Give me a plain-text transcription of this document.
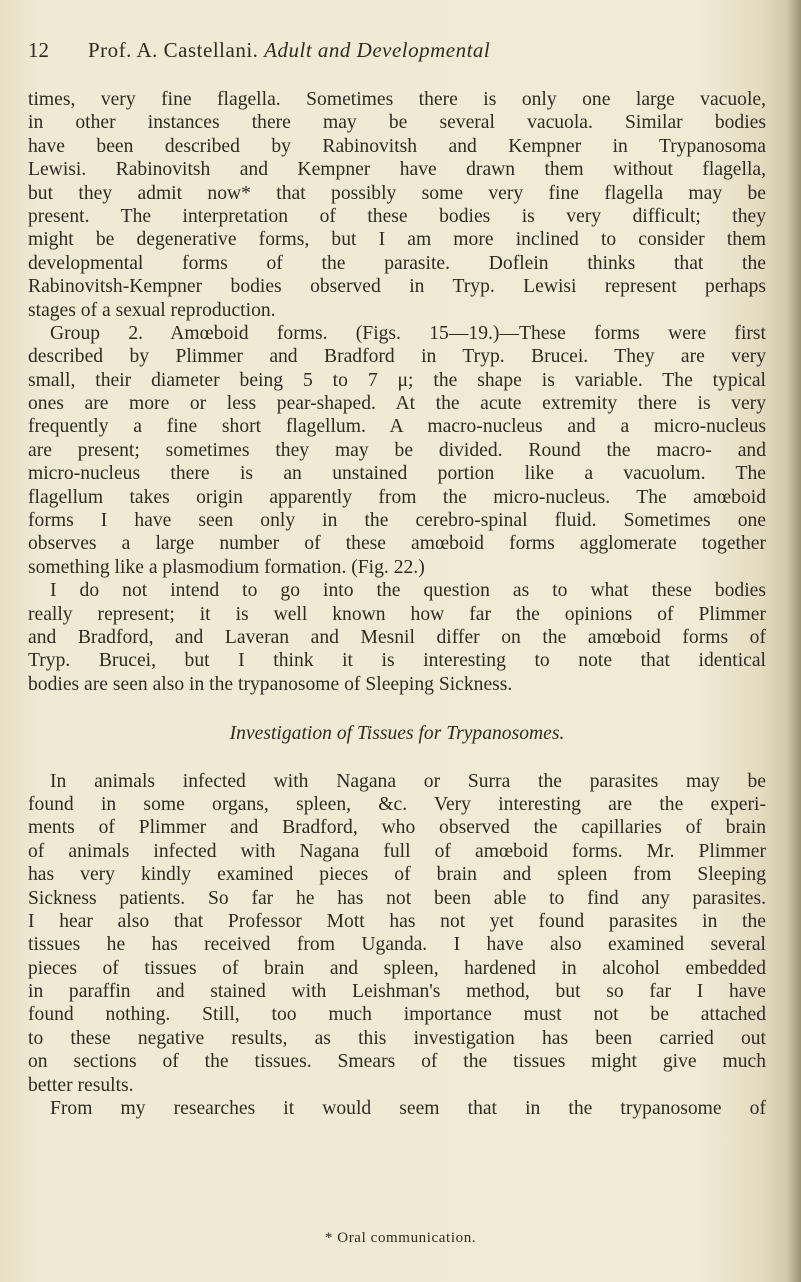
12 Prof. A. Castellani. Adult and Developmental
times, very fine flagella. Sometimes there is only one large vacuole,
in other instances there may be several vacuola. Similar bodies
have been described by Rabinovitsh and Kempner in Trypanosoma
Lewisi. Rabinovitsh and Kempner have drawn them without flagella,
but they admit now* that possibly some very fine flagella may be
present. The interpretation of these bodies is very difficult; they
might be degenerative forms, but I am more inclined to consider them
developmental forms of the parasite. Doflein thinks that the
Rabinovitsh-Kempner bodies observed in Tryp. Lewisi represent perhaps
stages of a sexual reproduction.
Group 2. Amœboid forms. (Figs. 15—19.)—These forms were first
described by Plimmer and Bradford in Tryp. Brucei. They are very
small, their diameter being 5 to 7 μ; the shape is variable. The typical
ones are more or less pear-shaped. At the acute extremity there is very
frequently a fine short flagellum. A macro-nucleus and a micro-nucleus
are present; sometimes they may be divided. Round the macro- and
micro-nucleus there is an unstained portion like a vacuolum. The
flagellum takes origin apparently from the micro-nucleus. The amœboid
forms I have seen only in the cerebro-spinal fluid. Sometimes one
observes a large number of these amœboid forms agglomerate together
something like a plasmodium formation. (Fig. 22.)
I do not intend to go into the question as to what these bodies
really represent; it is well known how far the opinions of Plimmer
and Bradford, and Laveran and Mesnil differ on the amœboid forms of
Tryp. Brucei, but I think it is interesting to note that identical
bodies are seen also in the trypanosome of Sleeping Sickness.
Investigation of Tissues for Trypanosomes.
In animals infected with Nagana or Surra the parasites may be
found in some organs, spleen, &c. Very interesting are the experi-
ments of Plimmer and Bradford, who observed the capillaries of brain
of animals infected with Nagana full of amœboid forms. Mr. Plimmer
has very kindly examined pieces of brain and spleen from Sleeping
Sickness patients. So far he has not been able to find any parasites.
I hear also that Professor Mott has not yet found parasites in the
tissues he has received from Uganda. I have also examined several
pieces of tissues of brain and spleen, hardened in alcohol embedded
in paraffin and stained with Leishman's method, but so far I have
found nothing. Still, too much importance must not be attached
to these negative results, as this investigation has been carried out
on sections of the tissues. Smears of the tissues might give much
better results.
From my researches it would seem that in the trypanosome of
* Oral communication.
